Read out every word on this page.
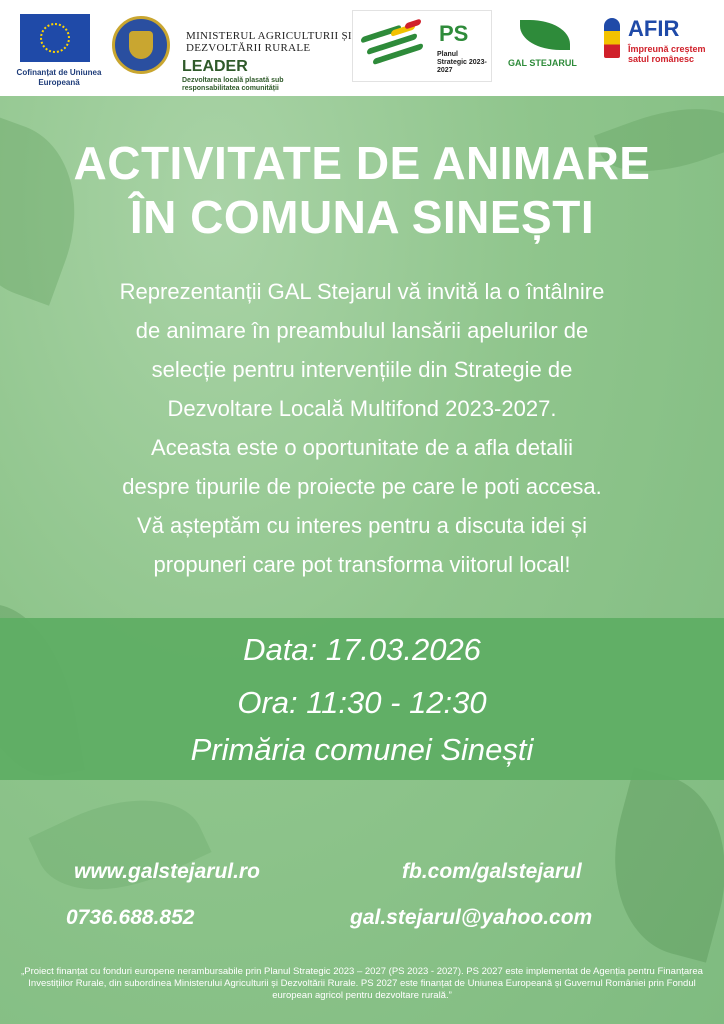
Cofinanțat de Uniunea Europeană
MINISTERUL AGRICULTURII ȘI DEZVOLTĂRII RURALE
LEADER
Dezvoltarea locală plasată sub responsabilitatea comunității
PS
Planul Strategic 2023-2027
GAL STEJARUL
AFIR
Împreună creștem satul românesc
ACTIVITATE DE ANIMARE
ÎN COMUNA SINEȘTI
Reprezentanții GAL Stejarul vă invită la o întâlnire
de animare în preambulul lansării apelurilor de
selecție pentru intervențiile din Strategie de
Dezvoltare Locală Multifond 2023-2027.
Aceasta este o oportunitate de a afla detalii
despre tipurile de proiecte pe care le poti accesa.
Vă așteptăm cu interes pentru a discuta idei și
propuneri care pot transforma viitorul local!
Data: 17.03.2026
Ora: 11:30 - 12:30
Primăria comunei Sinești
www.galstejarul.ro	fb.com/galstejarul
0736.688.852	gal.stejarul@yahoo.com
„Proiect finanțat cu fonduri europene nerambursabile prin Planul Strategic 2023 – 2027 (PS 2023 - 2027). PS 2027 este implementat de Agenția pentru Finanțarea Investițiilor Rurale, din subordinea Ministerului Agriculturii și Dezvoltării Rurale. PS 2027 este finanțat de Uniunea Europeană și Guvernul României prin Fondul european agricol pentru dezvoltare rurală.”
